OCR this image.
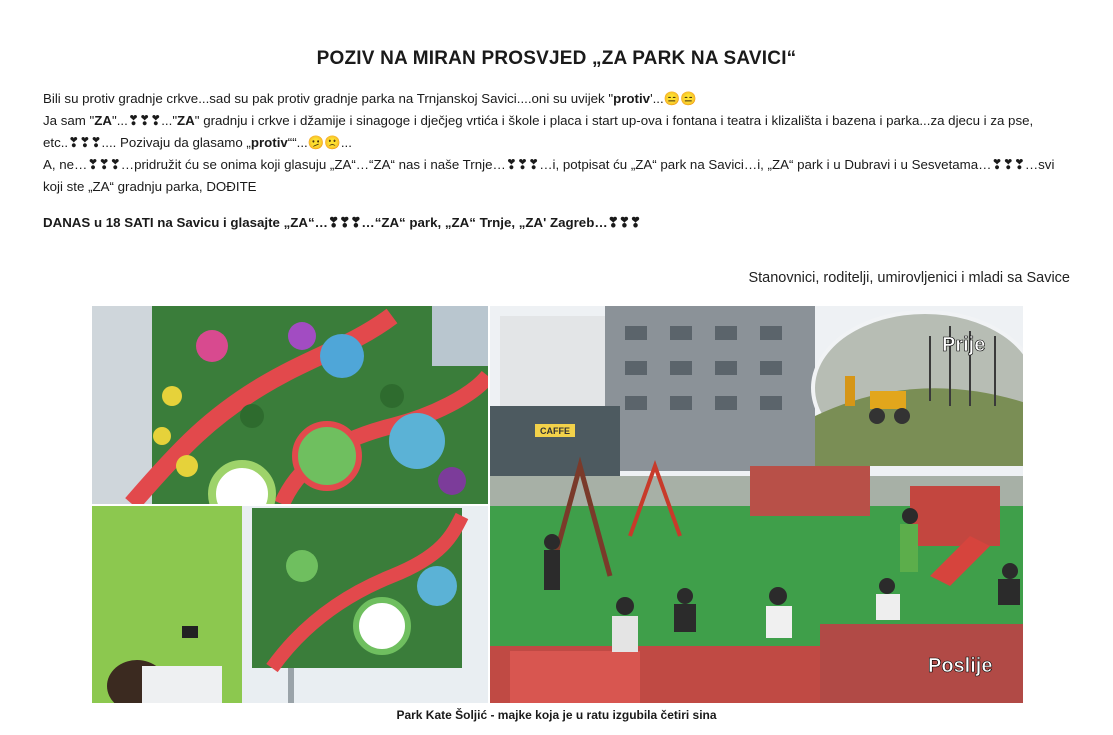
POZIV NA MIRAN PROSVJED „ZA PARK NA SAVICI“
Bili su protiv gradnje crkve...sad su pak protiv gradnje parka na Trnjanskoj Savici....oni su uvijek "protiv'...😑😑
Ja sam "ZA"...❣❣❣..."ZA" gradnju i crkve i džamije i sinagoge i dječjeg vrtića i škole i placa i start up-ova i fontana i teatra i klizališta i bazena i parka...za djecu i za pse, etc..❣❣❣.... Pozivaju da glasamo „protiv““...🫤🙁...
A, ne…❣❣❣…pridružit ću se onima koji glasuju „ZA“…“ZA“ nas i naše Trnje…❣❣❣…i, potpisat ću „ZA“ park na Savici…i, „ZA“ park i u Dubravi i u Sesvetama…❣❣❣…svi koji ste „ZA“ gradnju parka, DOĐITE
DANAS u 18 SATI na Savicu i glasajte „ZA“…❣❣❣…“ZA“ park, „ZA“ Trnje, „ZA' Zagreb…❣❣❣
Stanovnici, roditelji, umirovljenici i mladi sa Savice
CAFFE
Prije
Poslije
Park Kate Šoljić - majke koja je u ratu izgubila četiri sina
